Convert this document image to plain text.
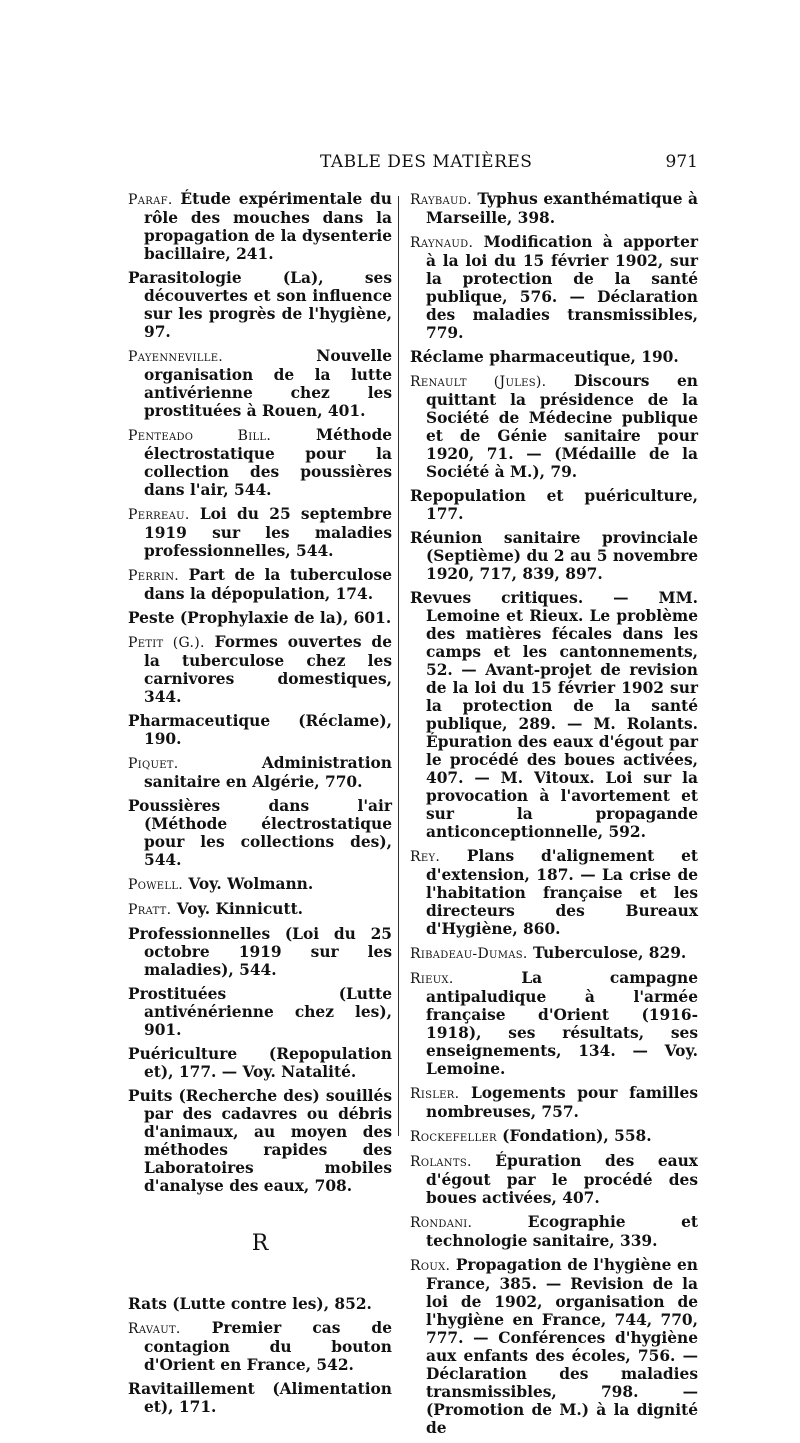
TABLE DES MATIÈRES	971

Paraf. Étude expérimentale du rôle des mouches dans la propagation de la dysenterie bacillaire, 241.

Parasitologie (La), ses découvertes et son influence sur les progrès de l'hygiène, 97.

Payenneville. Nouvelle organisation de la lutte antivérienne chez les prostituées à Rouen, 401.

Penteado Bill. Méthode électrostatique pour la collection des poussières dans l'air, 544.

Perreau. Loi du 25 septembre 1919 sur les maladies professionnelles, 544.

Perrin. Part de la tuberculose dans la dépopulation, 174.

Peste (Prophylaxie de la), 601.

Petit (G.). Formes ouvertes de la tuberculose chez les carnivores domestiques, 344.

Pharmaceutique (Réclame), 190.

Piquet. Administration sanitaire en Algérie, 770.

Poussières dans l'air (Méthode électrostatique pour les collections des), 544.

Powell. Voy. Wolmann.

Pratt. Voy. Kinnicutt.

Professionnelles (Loi du 25 octobre 1919 sur les maladies), 544.

Prostituées (Lutte antivénérienne chez les), 901.

Puériculture (Repopulation et), 177. — Voy. Natalité.

Puits (Recherche des) souillés par des cadavres ou débris d'animaux, au moyen des méthodes rapides des Laboratoires mobiles d'analyse des eaux, 708.

R

Rats (Lutte contre les), 852.

Ravaut. Premier cas de contagion du bouton d'Orient en France, 542.

Ravitaillement (Alimentation et), 171.

Raybaud. Typhus exanthématique à Marseille, 398.

Raynaud. Modification à apporter à la loi du 15 février 1902, sur la protection de la santé publique, 576. — Déclaration des maladies transmissibles, 779.

Réclame pharmaceutique, 190.

Renault (Jules). Discours en quittant la présidence de la Société de Médecine publique et de Génie sanitaire pour 1920, 71. — (Médaille de la Société à M.), 79.

Repopulation et puériculture, 177.

Réunion sanitaire provinciale (Septième) du 2 au 5 novembre 1920, 717, 839, 897.

Revues critiques. — MM. Lemoine et Rieux. Le problème des matières fécales dans les camps et les cantonnements, 52. — Avant-projet de revision de la loi du 15 février 1902 sur la protection de la santé publique, 289. — M. Rolants. Épuration des eaux d'égout par le procédé des boues activées, 407. — M. Vitoux. Loi sur la provocation à l'avortement et sur la propagande anticonceptionnelle, 592.

Rey. Plans d'alignement et d'extension, 187. — La crise de l'habitation française et les directeurs des Bureaux d'Hygiène, 860.

Ribadeau-Dumas. Tuberculose, 829.

Rieux. La campagne antipaludique à l'armée française d'Orient (1916-1918), ses résultats, ses enseignements, 134. — Voy. Lemoine.

Risler. Logements pour familles nombreuses, 757.

Rockefeller (Fondation), 558.

Rolants. Épuration des eaux d'égout par le procédé des boues activées, 407.

Rondani. Ecographie et technologie sanitaire, 339.

Roux. Propagation de l'hygiène en France, 385. — Revision de la loi de 1902, organisation de l'hygiène en France, 744, 770, 777. — Conférences d'hygiène aux enfants des écoles, 756. — Déclaration des maladies transmissibles, 798. — (Promotion de M.) à la dignité de
